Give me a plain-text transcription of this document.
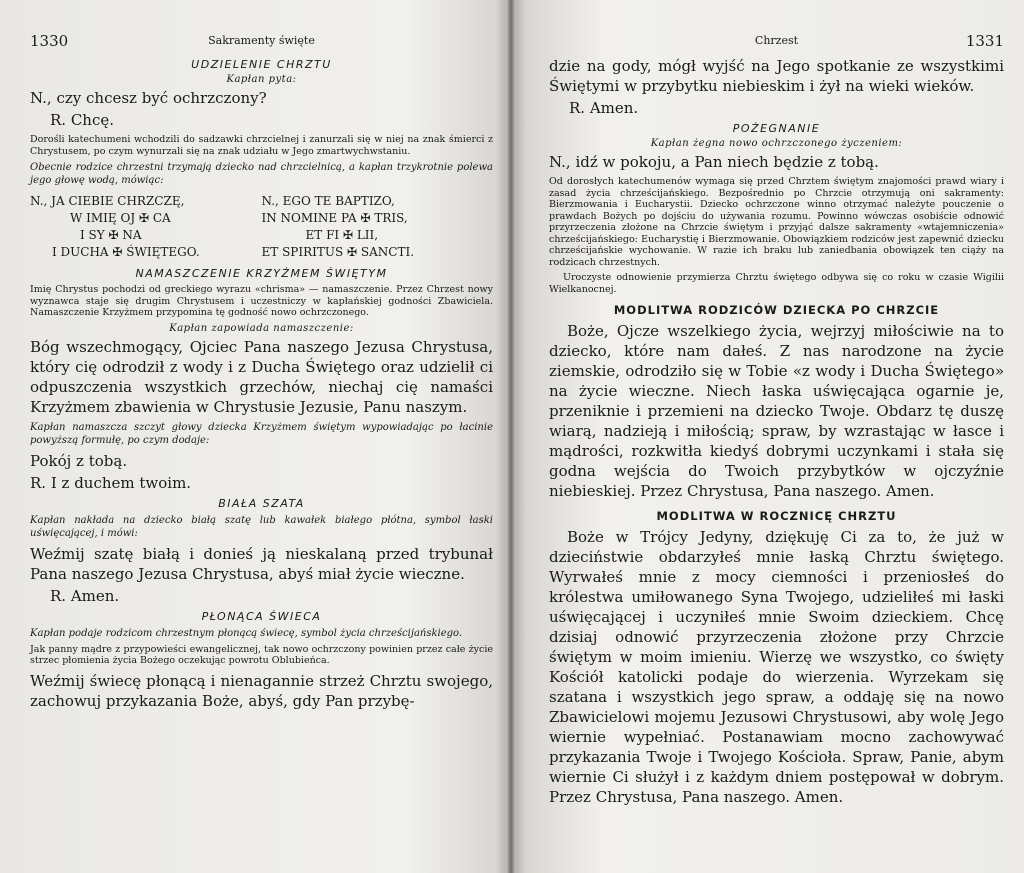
1330	Sakramenty święte
UDZIELENIE CHRZTU
Kapłan pyta:
N., czy chcesz być ochrzczony?
R. Chcę.
Dorośli katechumeni wchodzili do sadzawki chrzcielnej i zanurzali się w niej na znak śmierci z Chrystusem, po czym wynurzali się na znak udziału w Jego zmartwychwstaniu.
Obecnie rodzice chrzestni trzymają dziecko nad chrzcielnicą, a kapłan trzykrotnie polewa jego głowę wodą, mówiąc:
N., JA CIEBIE CHRZCZĘ,	N., EGO TE BAPTIZO,
W IMIĘ OJ ✠ CA	IN NOMINE PA ✠ TRIS,
I SY ✠ NA	ET FI ✠ LII,
I DUCHA ✠ ŚWIĘTEGO.	ET SPIRITUS ✠ SANCTI.
NAMASZCZENIE KRZYŻMEM ŚWIĘTYM
Imię Chrystus pochodzi od greckiego wyrazu «chrisma» — namaszczenie. Przez Chrzest nowy wyznawca staje się drugim Chrystusem i uczestniczy w kapłańskiej godności Zbawiciela. Namaszczenie Krzyżmem przypomina tę godność nowo ochrzczonego.
Kapłan zapowiada namaszczenie:
Bóg wszechmogący, Ojciec Pana naszego Jezusa Chrystusa, który cię odrodził z wody i z Ducha Świętego oraz udzielił ci odpuszczenia wszystkich grzechów, niechaj cię namaści Krzyżmem zbawienia w Chrystusie Jezusie, Panu naszym.
Kapłan namaszcza szczyt głowy dziecka Krzyżmem świętym wypowiadając po łacinie powyższą formułę, po czym dodaje:
Pokój z tobą.
R. I z duchem twoim.
BIAŁA SZATA
Kapłan nakłada na dziecko białą szatę lub kawałek białego płótna, symbol łaski uświęcającej, i mówi:
Weźmij szatę białą i donieś ją nieskalaną przed trybunał Pana naszego Jezusa Chrystusa, abyś miał życie wieczne.
R. Amen.
PŁONĄCA ŚWIECA
Kapłan podaje rodzicom chrzestnym płonącą świecę, symbol życia chrześcijańskiego.
Jak panny mądre z przypowieści ewangelicznej, tak nowo ochrzczony powinien przez całe życie strzec płomienia życia Bożego oczekując powrotu Oblubieńca.
Weźmij świecę płonącą i nienagannie strzeż Chrztu swojego, zachowuj przykazania Boże, abyś, gdy Pan przybę-
Chrzest	1331
dzie na gody, mógł wyjść na Jego spotkanie ze wszystkimi Świętymi w przybytku niebieskim i żył na wieki wieków.
R. Amen.
POŻEGNANIE
Kapłan żegna nowo ochrzczonego życzeniem:
N., idź w pokoju, a Pan niech będzie z tobą.
Od dorosłych katechumenów wymaga się przed Chrztem świętym znajomości prawd wiary i zasad życia chrześcijańskiego. Bezpośrednio po Chrzcie otrzymują oni sakramenty: Bierzmowania i Eucharystii. Dziecko ochrzczone winno otrzymać należyte pouczenie o prawdach Bożych po dojściu do używania rozumu. Powinno wówczas osobiście odnowić przyrzeczenia złożone na Chrzcie świętym i przyjąć dalsze sakramenty «wtajemniczenia» chrześcijańskiego: Eucharystię i Bierzmowanie. Obowiązkiem rodziców jest zapewnić dziecku chrześcijańskie wychowanie. W razie ich braku lub zaniedbania obowiązek ten ciąży na rodzicach chrzestnych.
Uroczyste odnowienie przymierza Chrztu świętego odbywa się co roku w czasie Wigilii Wielkanocnej.
MODLITWA RODZICÓW DZIECKA PO CHRZCIE
Boże, Ojcze wszelkiego życia, wejrzyj miłościwie na to dziecko, które nam dałeś. Z nas narodzone na życie ziemskie, odrodziło się w Tobie «z wody i Ducha Świętego» na życie wieczne. Niech łaska uświęcająca ogarnie je, przeniknie i przemieni na dziecko Twoje. Obdarz tę duszę wiarą, nadzieją i miłością; spraw, by wzrastając w łasce i mądrości, rozkwitła kiedyś dobrymi uczynkami i stała się godna wejścia do Twoich przybytków w ojczyźnie niebieskiej. Przez Chrystusa, Pana naszego. Amen.
MODLITWA W ROCZNICĘ CHRZTU
Boże w Trójcy Jedyny, dziękuję Ci za to, że już w dzieciństwie obdarzyłeś mnie łaską Chrztu świętego. Wyrwałeś mnie z mocy ciemności i przeniosłeś do królestwa umiłowanego Syna Twojego, udzieliłeś mi łaski uświęcającej i uczyniłeś mnie Swoim dzieckiem. Chcę dzisiaj odnowić przyrzeczenia złożone przy Chrzcie świętym w moim imieniu. Wierzę we wszystko, co święty Kościół katolicki podaje do wierzenia. Wyrzekam się szatana i wszystkich jego spraw, a oddaję się na nowo Zbawicielowi mojemu Jezusowi Chrystusowi, aby wolę Jego wiernie wypełniać. Postanawiam mocno zachowywać przykazania Twoje i Twojego Kościoła. Spraw, Panie, abym wiernie Ci służył i z każdym dniem postępował w dobrym. Przez Chrystusa, Pana naszego. Amen.
